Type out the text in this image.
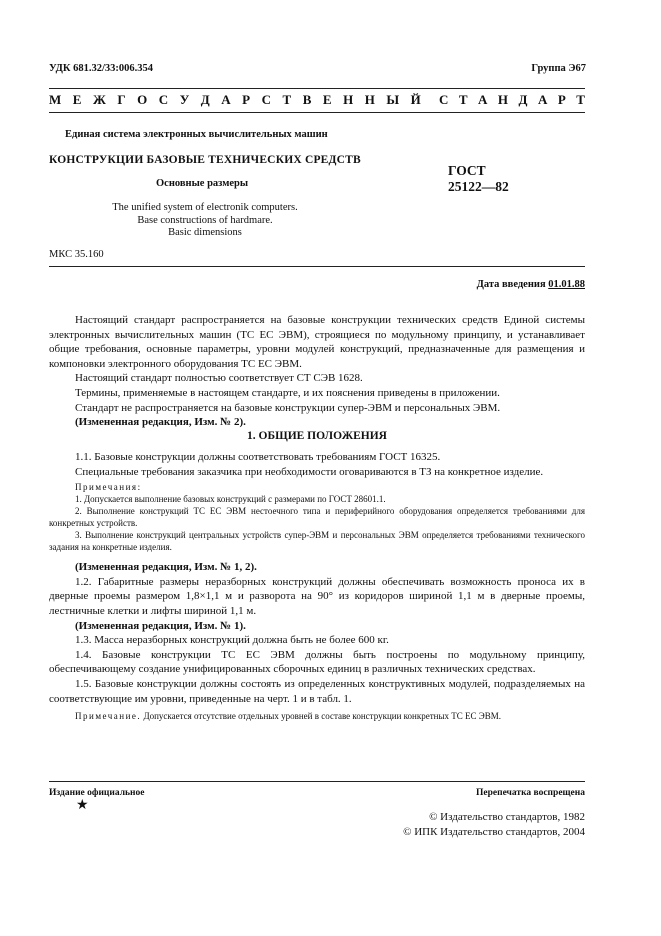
УДК 681.32/33:006.354	Группа Э67
М Е Ж Г О С У Д А Р С Т В Е Н Н Ы Й С Т А Н Д А Р Т
Единая система электронных вычислительных машин
КОНСТРУКЦИИ БАЗОВЫЕ ТЕХНИЧЕСКИХ СРЕДСТВ
Основные размеры
ГОСТ
25122—82
The unified system of electronik computers.
Base constructions of hardmare.
Basic dimensions
МКС 35.160
Дата введения 01.01.88

Настоящий стандарт распространяется на базовые конструкции технических средств Единой системы электронных вычислительных машин (ТС ЕС ЭВМ), строящиеся по модульному принципу, и устанавливает общие требования, основные параметры, уровни модулей конструкций, предназначенные для размещения и компоновки электронного оборудования ТС ЕС ЭВМ.

Настоящий стандарт полностью соответствует СТ СЭВ 1628.

Термины, применяемые в настоящем стандарте, и их пояснения приведены в приложении.

Стандарт не распространяется на базовые конструкции супер-ЭВМ и персональных ЭВМ.

(Измененная редакция, Изм. № 2).

1. ОБЩИЕ ПОЛОЖЕНИЯ

1.1. Базовые конструкции должны соответствовать требованиям ГОСТ 16325.

Специальные требования заказчика при необходимости оговариваются в ТЗ на конкретное изделие.

Примечания:

1. Допускается выполнение базовых конструкций с размерами по ГОСТ 28601.1.

2. Выполнение конструкций ТС ЕС ЭВМ нестоечного типа и периферийного оборудования определяется требованиями для конкретных устройств.

3. Выполнение конструкций центральных устройств супер-ЭВМ и персональных ЭВМ определяется требованиями технического задания на конкретные изделия.

(Измененная редакция, Изм. № 1, 2).

1.2. Габаритные размеры неразборных конструкций должны обеспечивать возможность проноса их в дверные проемы размером 1,8×1,1 м и разворота на 90° из коридоров шириной 1,1 м в дверные проемы, лестничные клетки и лифты шириной 1,1 м.

(Измененная редакция, Изм. № 1).

1.3. Масса неразборных конструкций должна быть не более 600 кг.

1.4. Базовые конструкции ТС ЕС ЭВМ должны быть построены по модульному принципу, обеспечивающему создание унифицированных сборочных единиц в различных технических средствах.

1.5. Базовые конструкции должны состоять из определенных конструктивных модулей, подразделяемых на соответствующие им уровни, приведенные на черт. 1 и в табл. 1.

Примечание. Допускается отсутствие отдельных уровней в составе конструкции конкретных ТС ЕС ЭВМ.

Издание официальное	Перепечатка воспрещена
★
© Издательство стандартов, 1982
© ИПК Издательство стандартов, 2004
